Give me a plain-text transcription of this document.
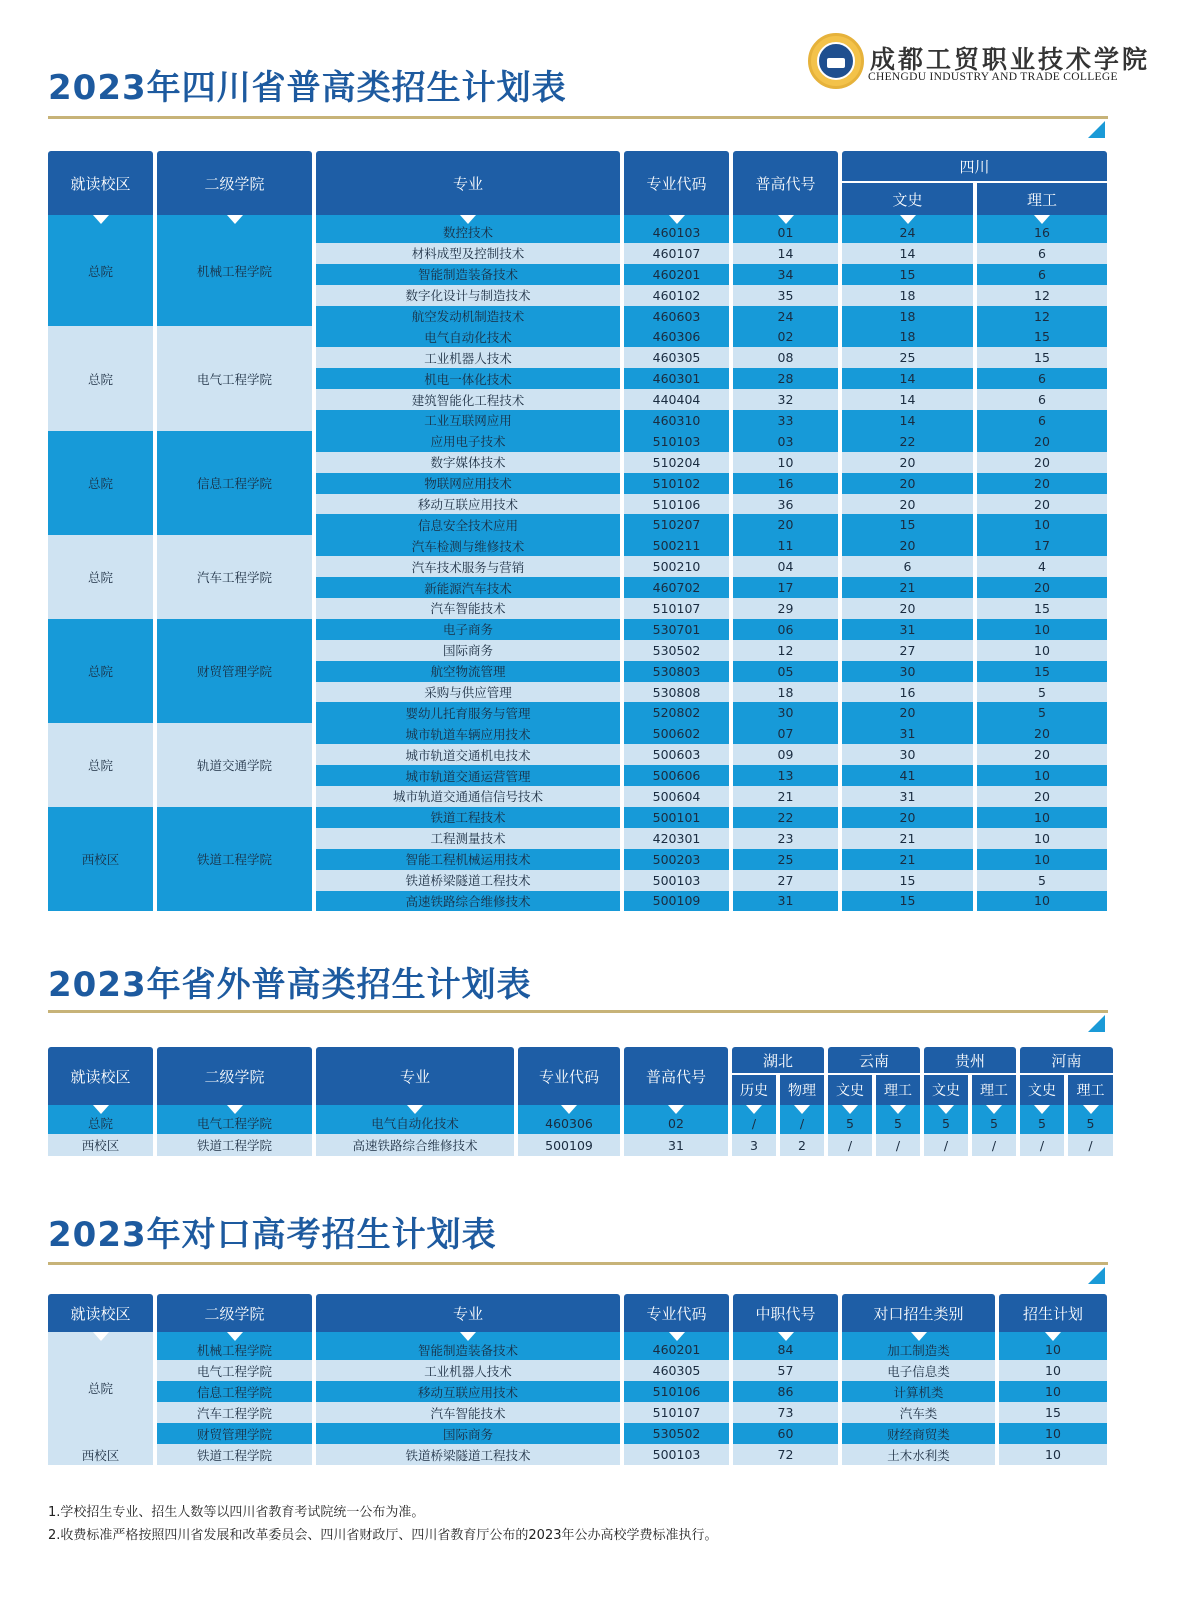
2023年四川省普高类招生计划表
成都工贸职业技术学院
CHENGDU INDUSTRY AND TRADE COLLEGE
就读校区	二级学院	专业	专业代码	普高代号
四川
文史	理工
总院	机械工程学院
数控技术	460103	01	24	16
材料成型及控制技术	460107	14	14	6
智能制造装备技术	460201	34	15	6
数字化设计与制造技术	460102	35	18	12
航空发动机制造技术	460603	24	18	12
总院	电气工程学院
电气自动化技术	460306	02	18	15
工业机器人技术	460305	08	25	15
机电一体化技术	460301	28	14	6
建筑智能化工程技术	440404	32	14	6
工业互联网应用	460310	33	14	6
总院	信息工程学院
应用电子技术	510103	03	22	20
数字媒体技术	510204	10	20	20
物联网应用技术	510102	16	20	20
移动互联应用技术	510106	36	20	20
信息安全技术应用	510207	20	15	10
总院	汽车工程学院
汽车检测与维修技术	500211	11	20	17
汽车技术服务与营销	500210	04	6	4
新能源汽车技术	460702	17	21	20
汽车智能技术	510107	29	20	15
总院	财贸管理学院
电子商务	530701	06	31	10
国际商务	530502	12	27	10
航空物流管理	530803	05	30	15
采购与供应管理	530808	18	16	5
婴幼儿托育服务与管理	520802	30	20	5
总院	轨道交通学院
城市轨道车辆应用技术	500602	07	31	20
城市轨道交通机电技术	500603	09	30	20
城市轨道交通运营管理	500606	13	41	10
城市轨道交通通信信号技术	500604	21	31	20
西校区	铁道工程学院
铁道工程技术	500101	22	20	10
工程测量技术	420301	23	21	10
智能工程机械运用技术	500203	25	21	10
铁道桥梁隧道工程技术	500103	27	15	5
高速铁路综合维修技术	500109	31	15	10
2023年省外普高类招生计划表
就读校区	二级学院	专业	专业代码	普高代号
湖北	云南	贵州	河南
历史	物理	文史	理工	文史	理工	文史	理工
总院	电气工程学院	电气自动化技术	460306	02	/	/	5	5	5	5	5	5
西校区	铁道工程学院	高速铁路综合维修技术	500109	31	3	2	/	/	/	/	/	/
2023年对口高考招生计划表
就读校区	二级学院	专业	专业代码	中职代号	对口招生类别	招生计划
总院
机械工程学院	智能制造装备技术	460201	84	加工制造类	10
电气工程学院	工业机器人技术	460305	57	电子信息类	10
信息工程学院	移动互联应用技术	510106	86	计算机类	10
汽车工程学院	汽车智能技术	510107	73	汽车类	15
财贸管理学院	国际商务	530502	60	财经商贸类	10
西校区	铁道工程学院	铁道桥梁隧道工程技术	500103	72	土木水利类	10
1.学校招生专业、招生人数等以四川省教育考试院统一公布为准。
2.收费标准严格按照四川省发展和改革委员会、四川省财政厅、四川省教育厅公布的2023年公办高校学费标准执行。
